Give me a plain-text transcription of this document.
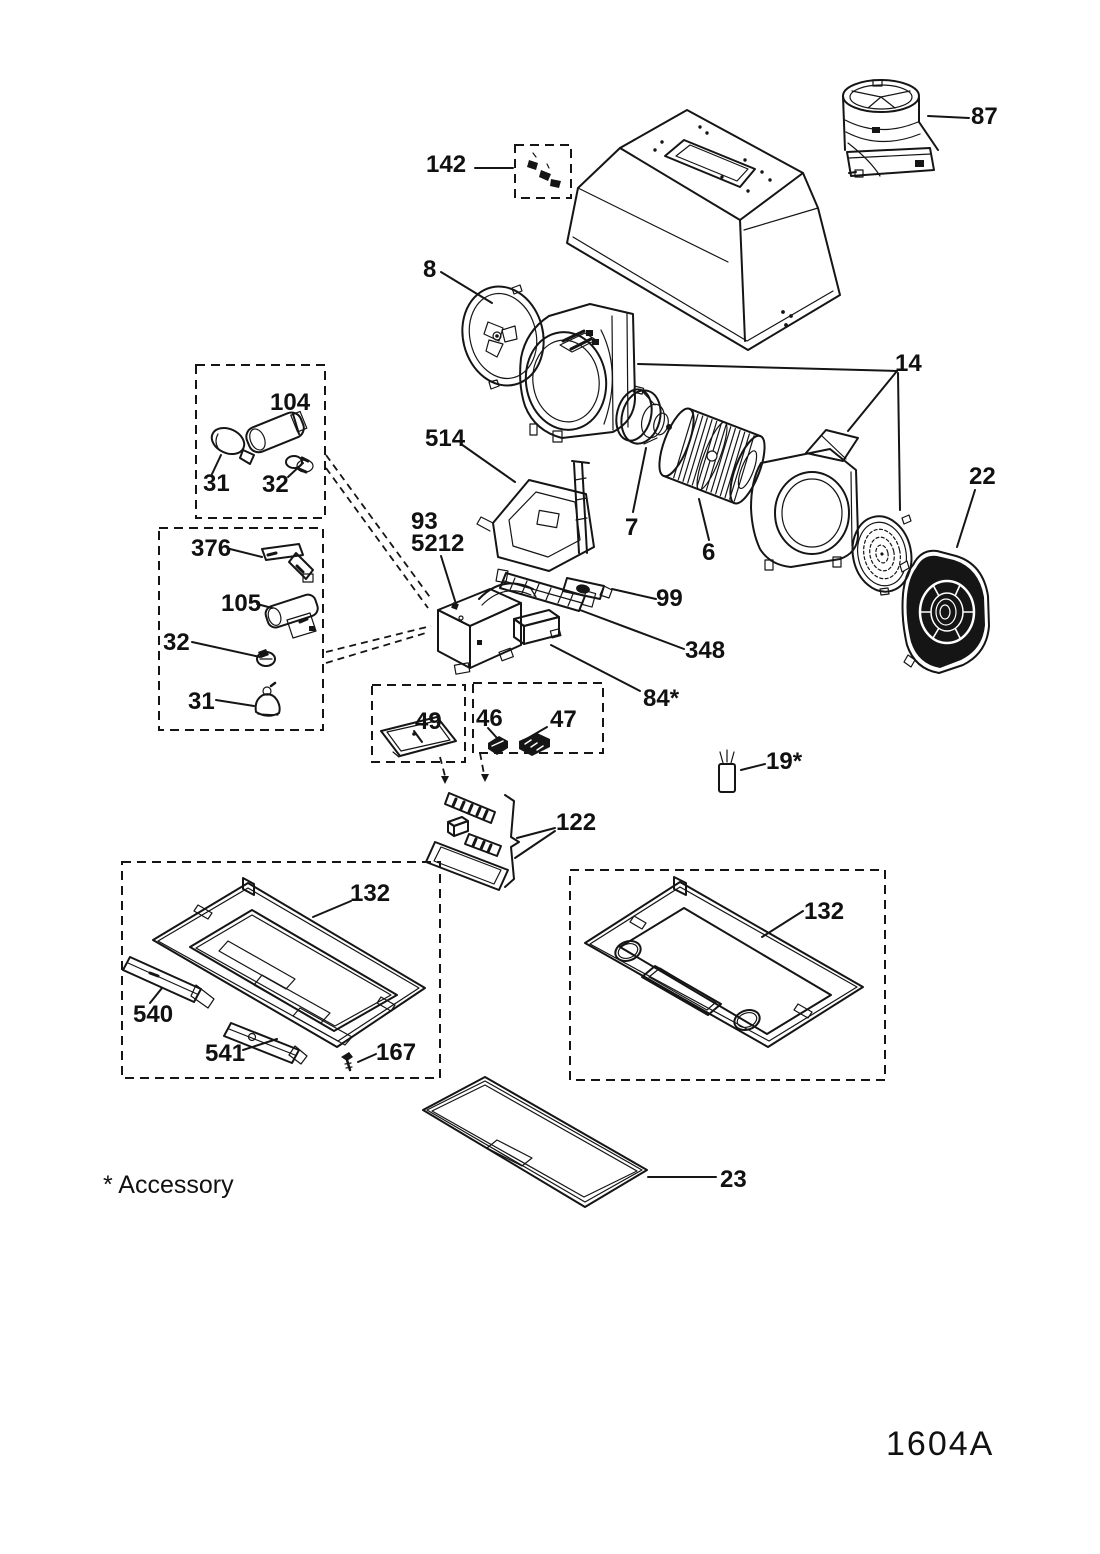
142
87
8
14
104
31 32
514
93
5212
376
105
32
31
7
6
22
99
348
84*
49 46 47
19*
122
132
540
541	167
132
23
* Accessory
1604A
